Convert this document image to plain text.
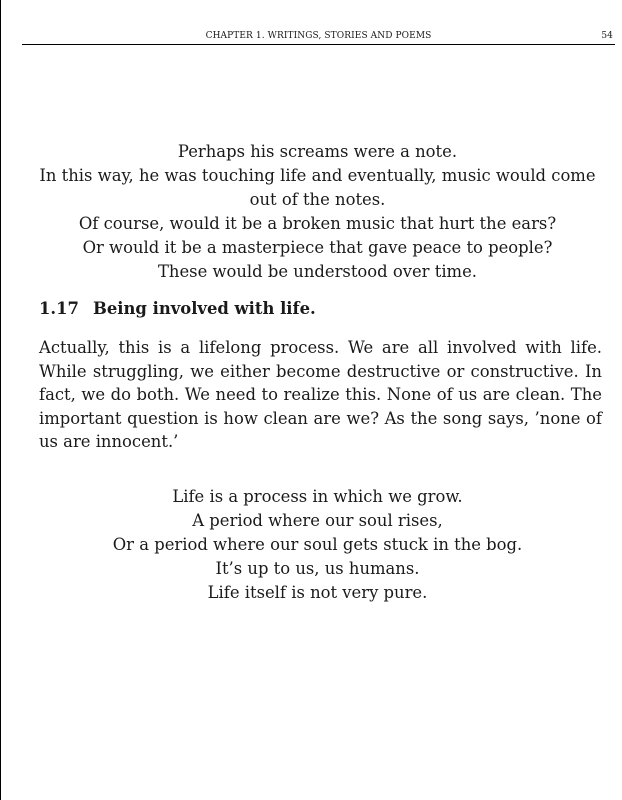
CHAPTER 1. WRITINGS, STORIES AND POEMS	54
Perhaps his screams were a note.
In this way, he was touching life and eventually, music would come
out of the notes.
Of course, would it be a broken music that hurt the ears?
Or would it be a masterpiece that gave peace to people?
These would be understood over time.
1.17 Being involved with life.
Actually, this is a lifelong process. We are all involved with life.
While struggling, we either become destructive or constructive. In
fact, we do both. We need to realize this. None of us are clean. The
important question is how clean are we? As the song says, ’none of
us are innocent.’
Life is a process in which we grow.
A period where our soul rises,
Or a period where our soul gets stuck in the bog.
It’s up to us, us humans.
Life itself is not very pure.
